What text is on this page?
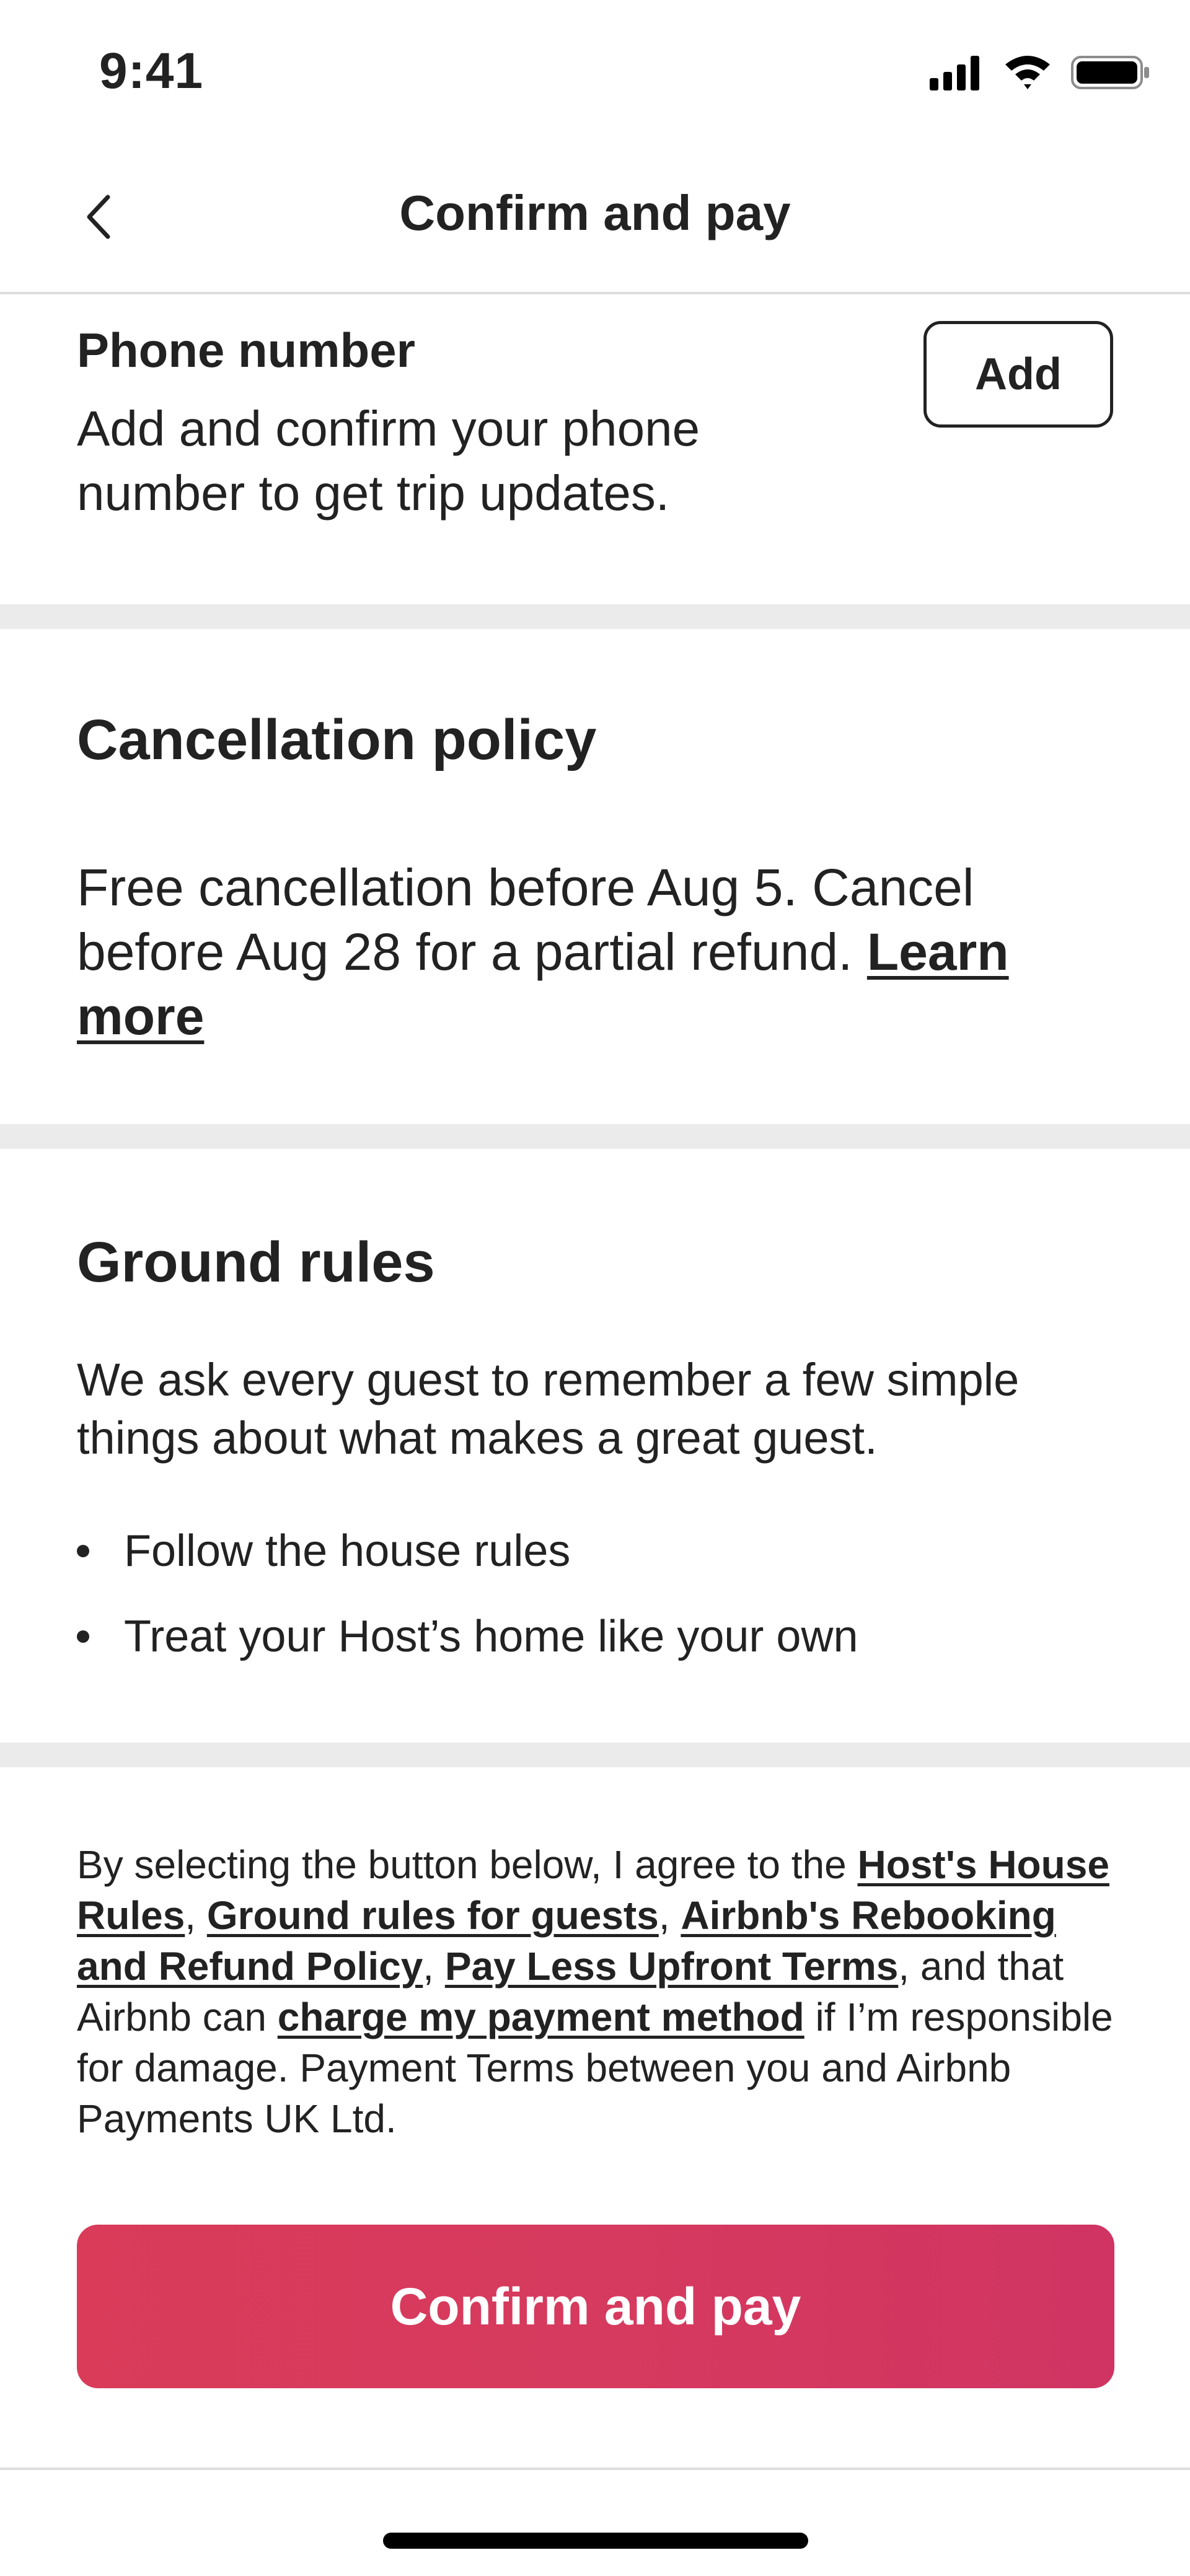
9:41
Confirm and pay
Phone number
Add and confirm your phone number to get trip updates.
Add
Cancellation policy
Free cancellation before Aug 5. Cancel before Aug 28 for a partial refund. Learn more
Ground rules
We ask every guest to remember a few simple things about what makes a great guest.
Follow the house rules
Treat your Host’s home like your own
By selecting the button below, I agree to the Host's House Rules, Ground rules for guests, Airbnb's Rebooking and Refund Policy, Pay Less Upfront Terms, and that Airbnb can charge my payment method if I’m responsible for damage. Payment Terms between you and Airbnb Payments UK Ltd.
Confirm and pay
